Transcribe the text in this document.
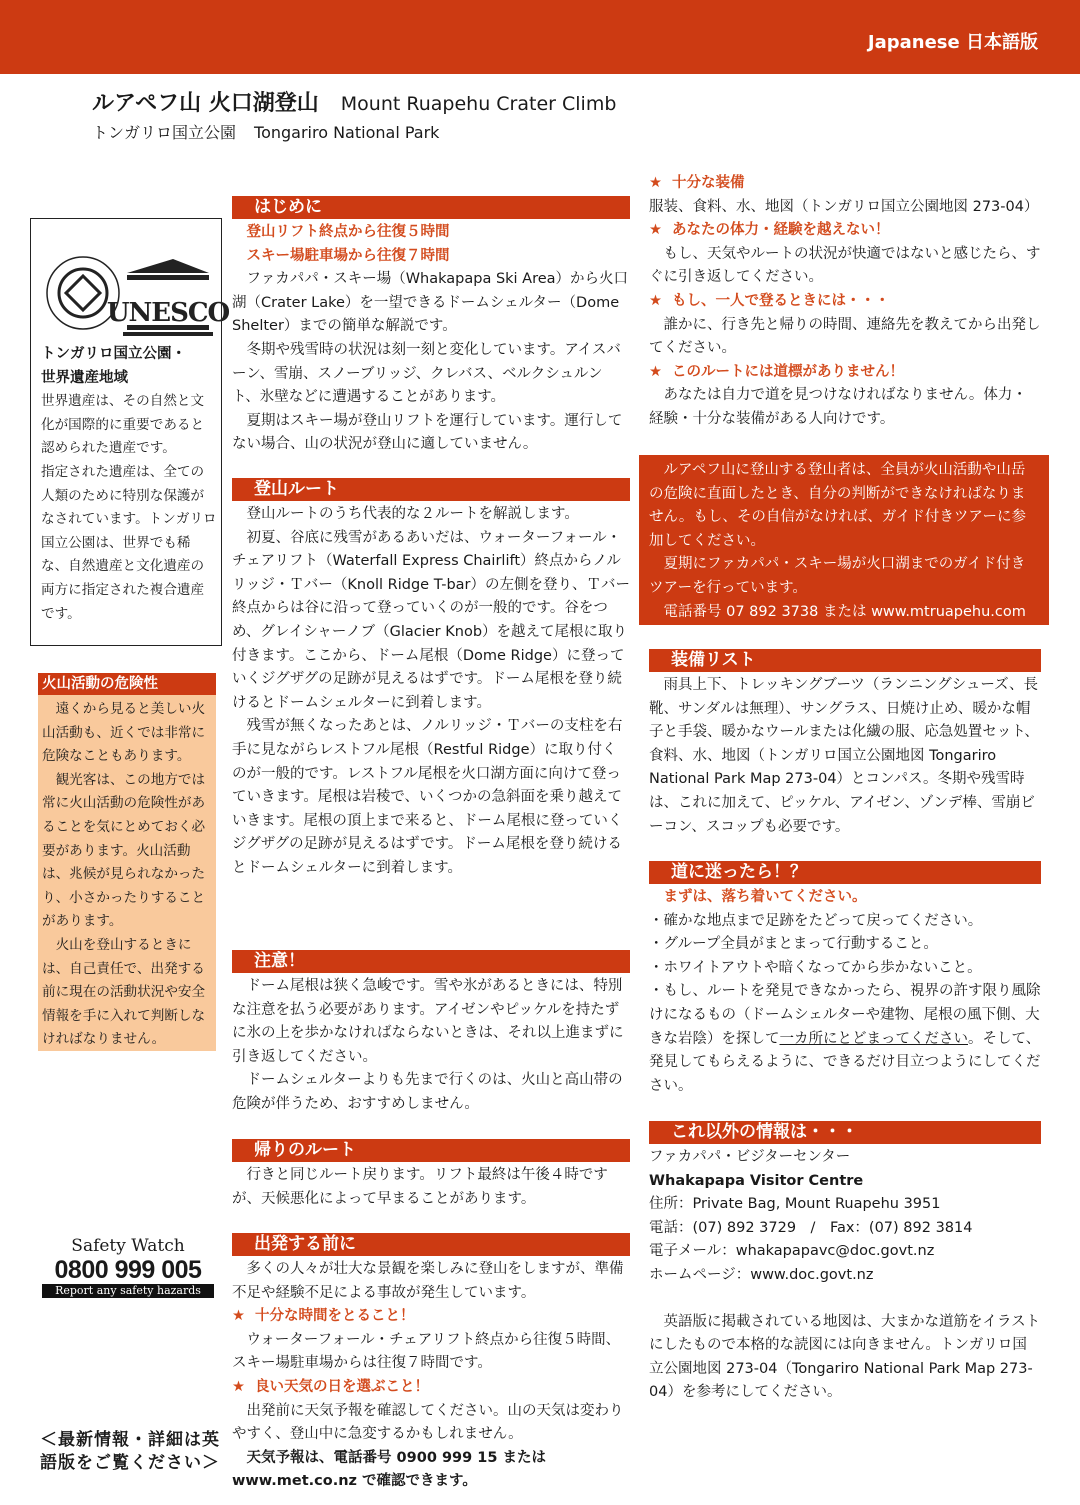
Japanese 日本語版
ルアペフ山 火口湖登山 Mount Ruapehu Crater Climb
トンガリロ国立公園 Tongariro National Park
UNESCO

トンガリロ国立公園・

世界遺産地域

世界遺産は、その自然と文化が国際的に重要であると認められた遺産です。

指定された遺産は、全ての人類のために特別な保護がなされています。トンガリロ国立公園は、世界でも稀な、自然遺産と文化遺産の両方に指定された複合遺産です。

火山活動の危険性

遠くから見ると美しい火山活動も、近くでは非常に危険なこともあります。

観光客は、この地方では常に火山活動の危険性があることを気にとめておく必要があります。火山活動は、兆候が見られなかったり、小さかったりすることがあります。

火山を登山するときには、自己責任で、出発する前に現在の活動状況や安全情報を手に入れて判断しなければなりません。

Safety Watch
0800 999 005
Report any safety hazards
＜最新情報・詳細は英語版をご覧ください＞
はじめに

登山リフト終点から往復５時間

スキー場駐車場から往復７時間

ファカパパ・スキー場（Whakapapa Ski Area）から火口湖（Crater Lake）を一望できるドームシェルター（Dome Shelter）までの簡単な解説です。

冬期や残雪時の状況は刻一刻と変化しています。アイスバーン、雪崩、スノーブリッジ、クレバス、ベルクシュルント、氷壁などに遭遇することがあります。

夏期はスキー場が登山リフトを運行しています。運行してない場合、山の状況が登山に適していません。

登山ルート

登山ルートのうち代表的な２ルートを解説します。

初夏、谷底に残雪があるあいだは、ウォーターフォール・チェアリフト（Waterfall Express Chairlift）終点からノルリッジ・Ｔバー（Knoll Ridge T-bar）の左側を登り、Ｔバー終点からは谷に沿って登っていくのが一般的です。谷をつめ、グレイシャーノブ（Glacier Knob）を越えて尾根に取り付きます。ここから、ドーム尾根（Dome Ridge）に登っていくジグザグの足跡が見えるはずです。ドーム尾根を登り続けるとドームシェルターに到着します。

残雪が無くなったあとは、ノルリッジ・Ｔバーの支柱を右手に見ながらレストフル尾根（Restful Ridge）に取り付くのが一般的です。レストフル尾根を火口湖方面に向けて登っていきます。尾根は岩稜で、いくつかの急斜面を乗り越えていきます。尾根の頂上まで来ると、ドーム尾根に登っていくジグザグの足跡が見えるはずです。ドーム尾根を登り続けるとドームシェルターに到着します。

注意！

ドーム尾根は狭く急峻です。雪や氷があるときには、特別な注意を払う必要があります。アイゼンやピッケルを持たずに氷の上を歩かなければならないときは、それ以上進まずに引き返してください。

ドームシェルターよりも先まで行くのは、火山と高山帯の危険が伴うため、おすすめしません。

帰りのルート

行きと同じルート戻ります。リフト最終は午後４時ですが、天候悪化によって早まることがあります。

出発する前に

多くの人々が壮大な景観を楽しみに登山をしますが、準備不足や経験不足による事故が発生しています。

★ 十分な時間をとること！

ウォーターフォール・チェアリフト終点から往復５時間、スキー場駐車場からは往復７時間です。

★ 良い天気の日を選ぶこと！

出発前に天気予報を確認してください。山の天気は変わりやすく、登山中に急変するかもしれません。

天気予報は、電話番号 0900 999 15 または

www.met.co.nz で確認できます。

★ 十分な装備

服装、食料、水、地図（トンガリロ国立公園地図 273-04）

★ あなたの体力・経験を越えない！

もし、天気やルートの状況が快適ではないと感じたら、すぐに引き返してください。

★ もし、一人で登るときには・・・

誰かに、行き先と帰りの時間、連絡先を教えてから出発してください。

★ このルートには道標がありません！

あなたは自力で道を見つけなければなりません。体力・経験・十分な装備がある人向けです。

ルアペフ山に登山する登山者は、全員が火山活動や山岳の危険に直面したとき、自分の判断ができなければなりません。もし、その自信がなければ、ガイド付きツアーに参加してください。

夏期にファカパパ・スキー場が火口湖までのガイド付きツアーを行っています。

電話番号 07 892 3738 または www.mtruapehu.com

装備リスト

雨具上下、トレッキングブーツ（ランニングシューズ、長靴、サンダルは無理）、サングラス、日焼け止め、暖かな帽子と手袋、暖かなウールまたは化繊の服、応急処置セット、食料、水、地図（トンガリロ国立公園地図 Tongariro National Park Map 273-04）とコンパス。冬期や残雪時は、これに加えて、ピッケル、アイゼン、ゾンデ棒、雪崩ビーコン、スコップも必要です。

道に迷ったら！？

まずは、落ち着いてください。

・確かな地点まで足跡をたどって戻ってください。

・グループ全員がまとまって行動すること。

・ホワイトアウトや暗くなってから歩かないこと。

・もし、ルートを発見できなかったら、視界の許す限り風除けになるもの（ドームシェルターや建物、尾根の風下側、大きな岩陰）を探して一カ所にとどまってください。そして、発見してもらえるように、できるだけ目立つようにしてください。

これ以外の情報は・・・

ファカパパ・ビジターセンター

Whakapapa Visitor Centre

住所：Private Bag, Mount Ruapehu 3951

電話：(07) 892 3729　/　Fax：(07) 892 3814

電子メール：whakapapavc@doc.govt.nz

ホームページ：www.doc.govt.nz

英語版に掲載されている地図は、大まかな道筋をイラストにしたもので本格的な読図には向きません。トンガリロ国立公園地図 273-04（Tongariro National Park Map 273-04）を参考にしてください。
